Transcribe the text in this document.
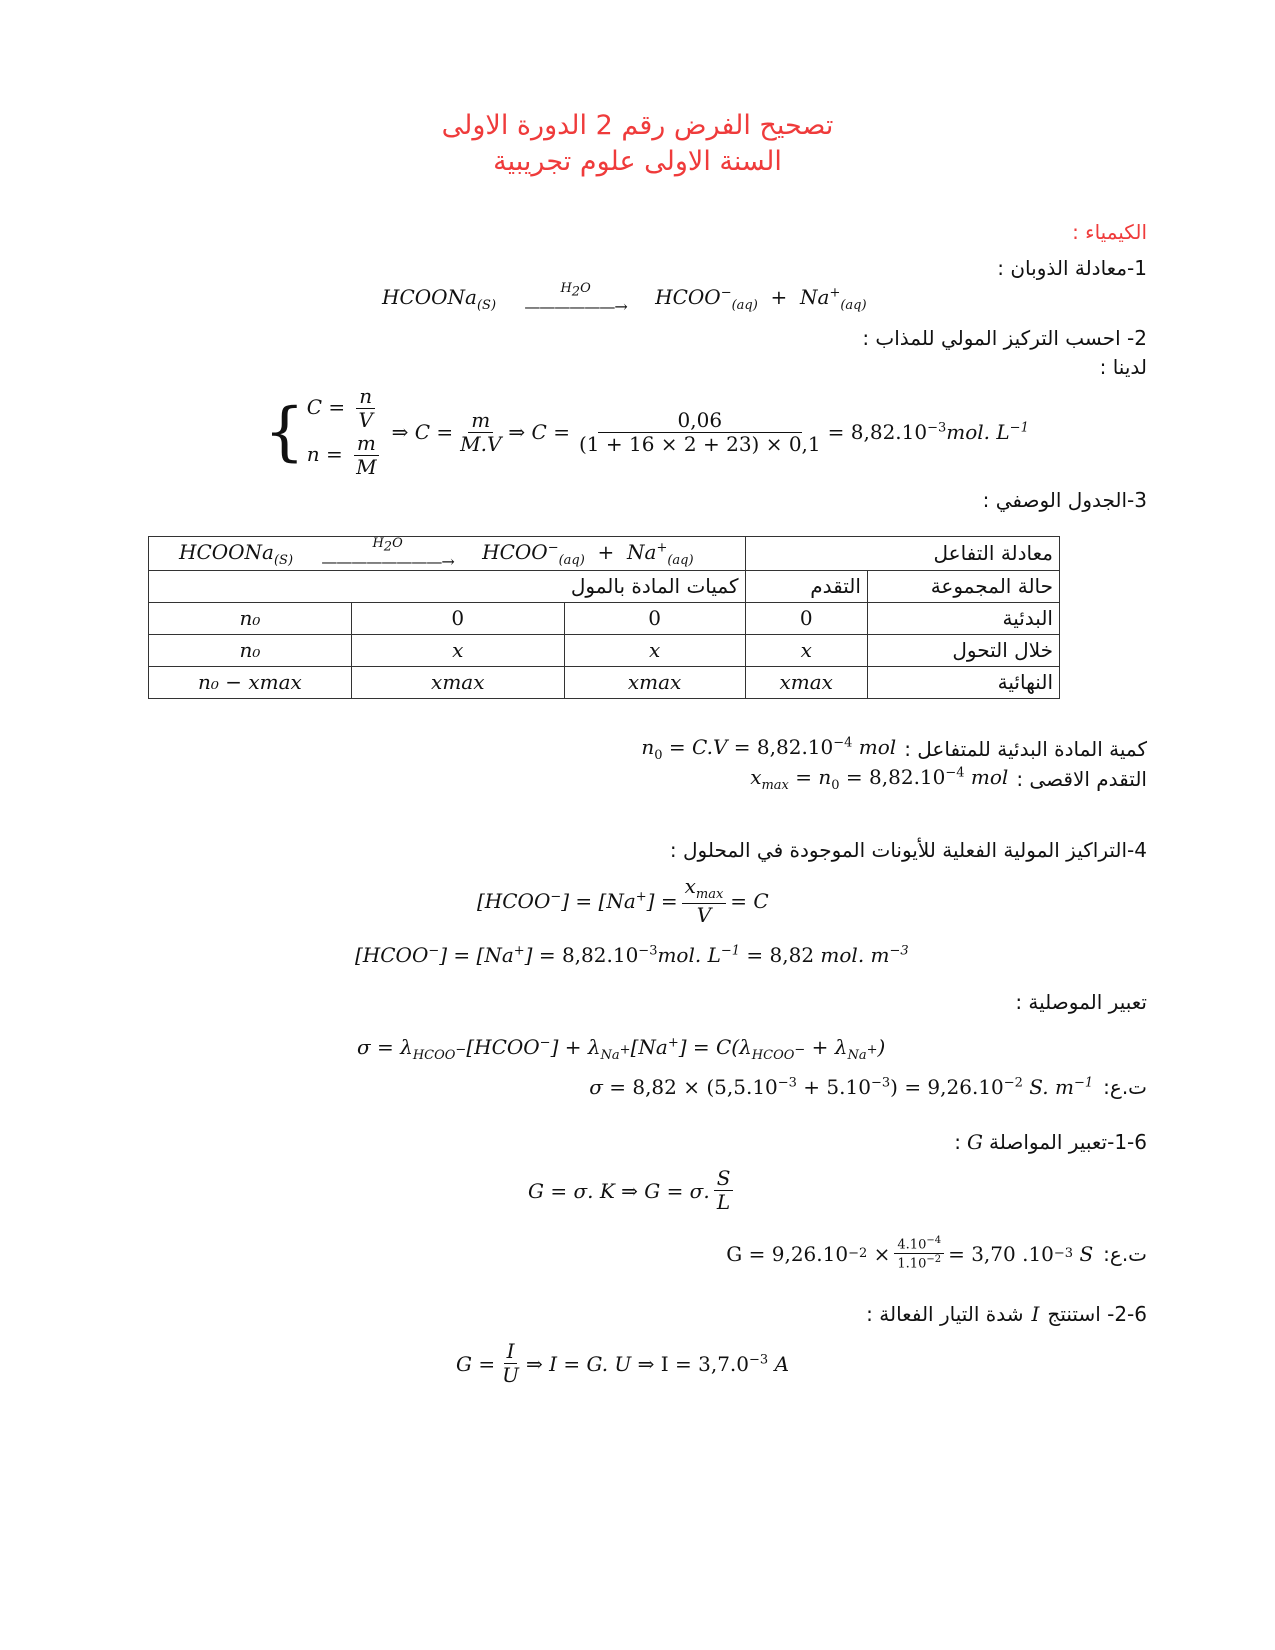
تصحيح الفرض رقم 2 الدورة الاولى
السنة الاولى علوم تجريبية
الكيمياء :
1-معادلة الذوبان :
HCOONa$_{(S)}$
$H_2O$
——————→ $HCOO^-_{(aq)} + Na^+_{(aq)}$
2- احسب التركيز المولي للمذاب :
لدينا :
{ $C = \frac{n}{V}$
$n = \frac{m}{M}$ ⇒ $C = \frac{m}{M.V}$ ⇒ $C = \frac{0,06}{(1 + 16 \times 2 + 23) \times 0,1} = 8,82.10^{-3}mol$. $L^{-1}$
3-الجدول الوصفي :
HCOONa$_{(S)}$
$H_2O$
————————→ $HCOO^-_{(aq)} + Na^+_{(aq)}$			معادلة التفاعل	
كميات المادة بالمول			التقدم	حالة المجموعة
n₀	0	0	0	البدئية
n₀	x	x	x	خلال التحول
n₀ − xmax	xmax	xmax	xmax	النهائية
كمية المادة البدئية للمتفاعل :
$n_0 = C.V = 8,82.10^{-4}$ mol
التقدم الاقصى :
$x_{max} = n_0 = 8,82.10^{-4}$ mol
4-التراكيز المولية الفعلية للأيونات الموجودة في المحلول :
[HCOO−] = $[Na^+] = \frac{x_{max}}{V} = C$
[HCOO−] = $[Na^+] = 8,82.10^{-3}mol$. $L^{-1} = 8,82$ mol. $m^{-3}$
تعبير الموصلية :
$\sigma = \lambda_{HCOO^-}[HCOO^-] + \lambda_{Na^+}[Na^+] = C(\lambda_{HCOO^-} + \lambda_{Na^+})$
ت.ع:
$\sigma = 8,82 \times (5,5.10^{-3} + 5.10^{-3}) = 9,26.10^{-2}$ S. $m^{-1}$
1-6-تعبير المواصلة
G
:
G = σ. K ⇒ G = σ. $\frac{S}{L}$
ت.ع:
$G = 9,26.10 -2 \times \frac{4.10^{-4}}{1.10^{-2}} = 3,70$ .10 −3
S
2-6- استنتج
I
شدة التيار الفعالة :
$G = \frac{I}{U}$ ⇒ I = G. U ⇒ $I = 3,7.0^{-3}$ A
